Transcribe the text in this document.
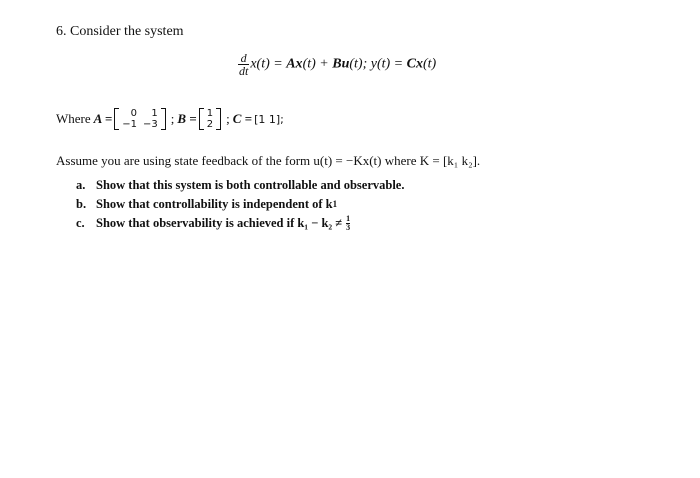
6. Consider the system
$\frac{d}{dt} x(t) = Ax(t) + Bu(t)$; y(t) = Cx(t)
Where A = 0	1
−1	−3 ; B = 1
2 ; C = [1 1];
Assume you are using state feedback of the form u(t) = −Kx(t) where K = [k₁ k₂].
a. Show that this system is both controllable and observable.
b. Show that controllability is independent of k 1
c. Show that observability is achieved if $k_1 - k_2 \ne \frac{1}{3}$
